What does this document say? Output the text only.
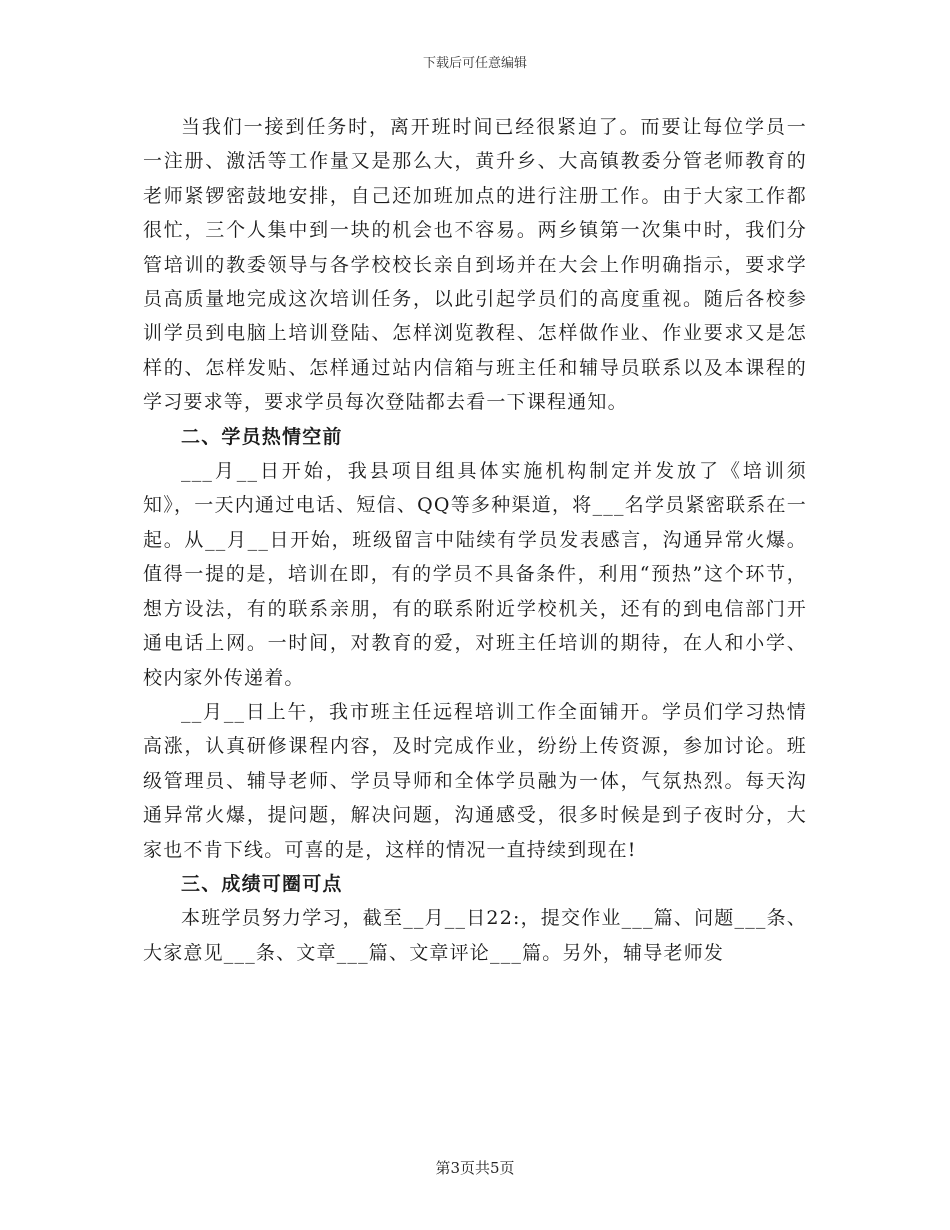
下载后可任意编辑

当我们一接到任务时，离开班时间已经很紧迫了。而要让每位学员一一注册、激活等工作量又是那么大，黄升乡、大高镇教委分管老师教育的老师紧锣密鼓地安排，自己还加班加点的进行注册工作。由于大家工作都很忙，三个人集中到一块的机会也不容易。两乡镇第一次集中时，我们分管培训的教委领导与各学校校长亲自到场并在大会上作明确指示，要求学员高质量地完成这次培训任务，以此引起学员们的高度重视。随后各校参训学员到电脑上培训登陆、怎样浏览教程、怎样做作业、作业要求又是怎样的、怎样发贴、怎样通过站内信箱与班主任和辅导员联系以及本课程的学习要求等，要求学员每次登陆都去看一下课程通知。

二、学员热情空前

___月__日开始，我县项目组具体实施机构制定并发放了《培训须知》，一天内通过电话、短信、QQ等多种渠道，将___名学员紧密联系在一起。从__月__日开始，班级留言中陆续有学员发表感言，沟通异常火爆。值得一提的是，培训在即，有的学员不具备条件，利用“预热”这个环节，想方设法，有的联系亲朋，有的联系附近学校机关，还有的到电信部门开通电话上网。一时间，对教育的爱，对班主任培训的期待，在人和小学、校内家外传递着。

__月__日上午，我市班主任远程培训工作全面铺开。学员们学习热情高涨，认真研修课程内容，及时完成作业，纷纷上传资源，参加讨论。班级管理员、辅导老师、学员导师和全体学员融为一体，气氛热烈。每天沟通异常火爆，提问题，解决问题，沟通感受，很多时候是到子夜时分，大家也不肯下线。可喜的是，这样的情况一直持续到现在!

三、成绩可圈可点

本班学员努力学习，截至__月__日22:，提交作业___篇、问题___条、大家意见___条、文章___篇、文章评论___篇。另外，辅导老师发

第3页共5页
